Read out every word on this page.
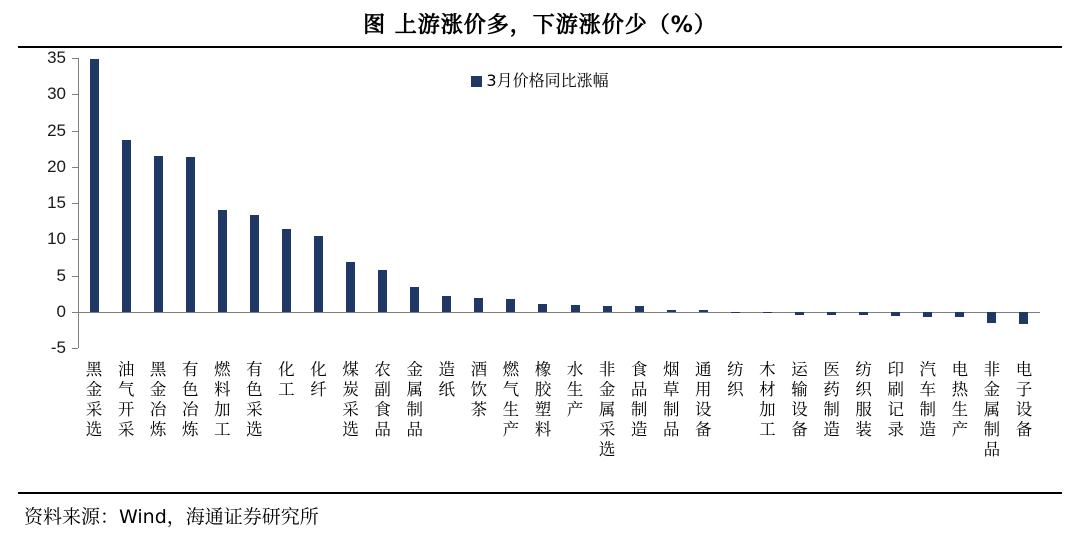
图 上游涨价多，下游涨价少（%）
3月价格同比涨幅
-5
0
5
10
15
20
25
30
35
黑金采选
油气开采
黑金冶炼
有色冶炼
燃料加工
有色采选
化工
化纤
煤炭采选
农副食品
金属制品
造纸
酒饮茶
燃气生产
橡胶塑料
水生产
非金属采选
食品制造
烟草制品
通用设备
纺织
木材加工
运输设备
医药制造
纺织服装
印刷记录
汽车制造
电热生产
非金属制品
电子设备
资料来源：Wind，海通证券研究所
